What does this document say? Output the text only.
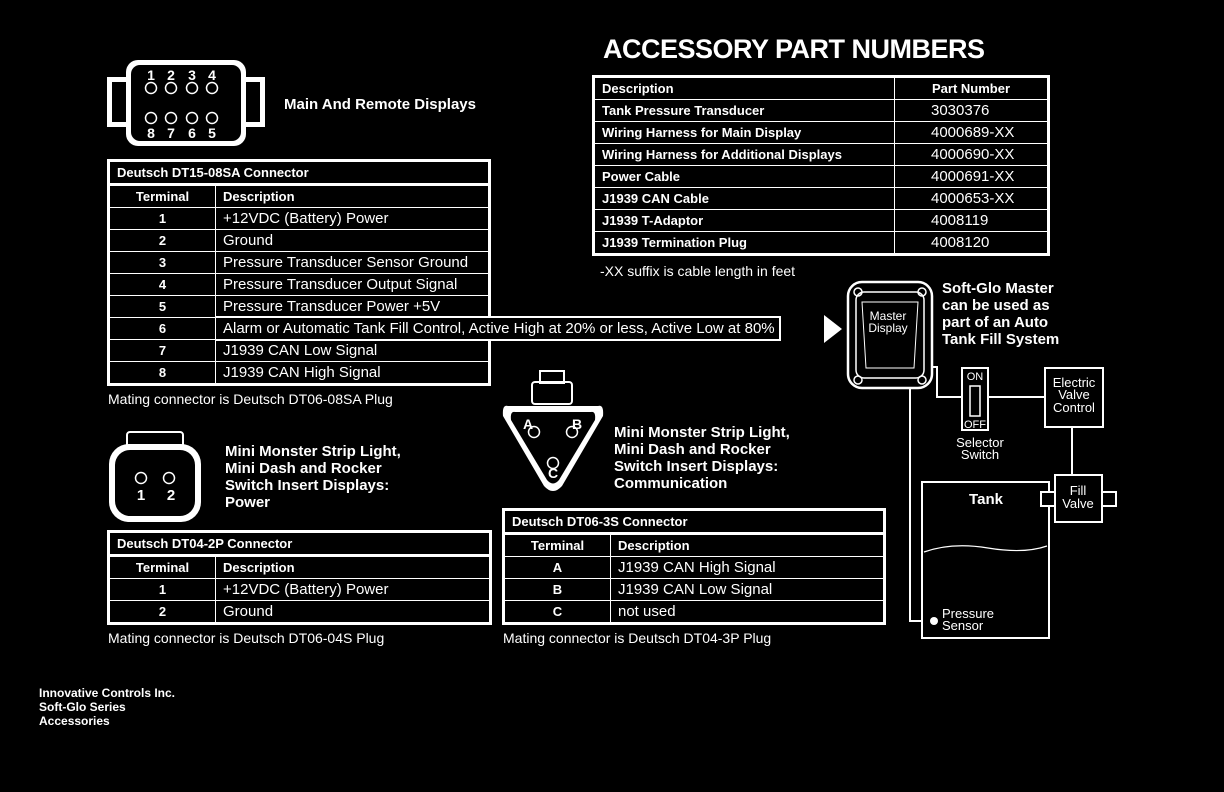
ACCESSORY PART NUMBERS
Description	Part Number
Tank Pressure Transducer	3030376
Wiring Harness for Main Display	4000689-XX
Wiring Harness for Additional Displays	4000690-XX
Power Cable	4000691-XX
J1939 CAN Cable	4000653-XX
J1939 T-Adaptor	4008119
J1939 Termination Plug	4008120
-XX suffix is cable length in feet
1 2 3 4
8 7 6 5
Main And Remote Displays
Deutsch DT15-08SA Connector	
Terminal	Description
1	+12VDC (Battery) Power
2	Ground
3	Pressure Transducer Sensor Ground
4	Pressure Transducer Output Signal
5	Pressure Transducer Power +5V
6	Alarm or Automatic Tank Fill Control, Active High at 20% or less, Active Low at 80%

7	J1939 CAN Low Signal
8	J1939 CAN High Signal
Mating connector is Deutsch DT06-08SA Plug
1 2
Mini Monster Strip Light,
Mini Dash and Rocker
Switch Insert Displays:
Power
Deutsch DT04-2P Connector	
Terminal	Description
1	+12VDC (Battery) Power
2	Ground
Mating connector is Deutsch DT06-04S Plug
A	B
C
Mini Monster Strip Light,
Mini Dash and Rocker
Switch Insert Displays:
Communication
Deutsch DT06-3S Connector	
Terminal	Description
A	J1939 CAN High Signal
B	J1939 CAN Low Signal
C	not used
Mating connector is Deutsch DT04-3P Plug
Master
Display
ON
OFF
Selector
Switch
Electric
Valve
Control
Tank
Fill
Valve
Pressure
Sensor
Soft-Glo Master
can be used as
part of an Auto
Tank Fill System
Innovative Controls Inc.
Soft-Glo Series
Accessories
